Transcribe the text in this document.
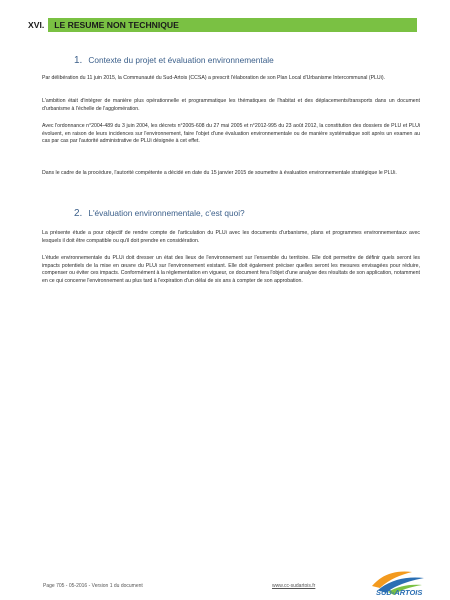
XVI.	LE RESUME NON TECHNIQUE
1. Contexte du projet et évaluation environnementale

Par délibération du 11 juin 2015, la Communauté du Sud-Artois (CCSA) a prescrit l'élaboration de son Plan Local d'Urbanisme Intercommunal (PLUi).

L'ambition était d'intégrer de manière plus opérationnelle et programmatique les thématiques de l'habitat et des déplacements/transports dans un document d'urbanisme à l'échelle de l'agglomération.

Avec l'ordonnance n°2004-489 du 3 juin 2004, les décrets n°2005-608 du 27 mai 2005 et n°2012-995 du 23 août 2012, la constitution des dossiers de PLU et PLUi évoluent, en raison de leurs incidences sur l'environnement, faire l'objet d'une évaluation environnementale ou de manière systématique soit après un examen au cas par cas par l'autorité administrative de PLUi désignée à cet effet.

Dans le cadre de la procédure, l'autorité compétente a décidé en date du 15 janvier 2015 de soumettre à évaluation environnementale stratégique le PLUi.

2. L'évaluation environnementale, c'est quoi?

La présente étude a pour objectif de rendre compte de l'articulation du PLUi avec les documents d'urbanisme, plans et programmes environnementaux avec lesquels il doit être compatible ou qu'il doit prendre en considération.

L'étude environnementale du PLUi doit dresser un état des lieux de l'environnement sur l'ensemble du territoire. Elle doit permettre de définir quels seront les impacts potentiels de la mise en œuvre du PLUi sur l'environnement existant. Elle doit également préciser quelles seront les mesures envisagées pour réduire, compenser ou éviter ces impacts. Conformément à la réglementation en vigueur, ce document fera l'objet d'une analyse des résultats de son application, notamment en ce qui concerne l'environnement au plus tard à l'expiration d'un délai de six ans à compter de son approbation.

Page 705 - 05-2016 - Version 1 du document	www.cc-sudartois.fr
SUD-ARTOIS
